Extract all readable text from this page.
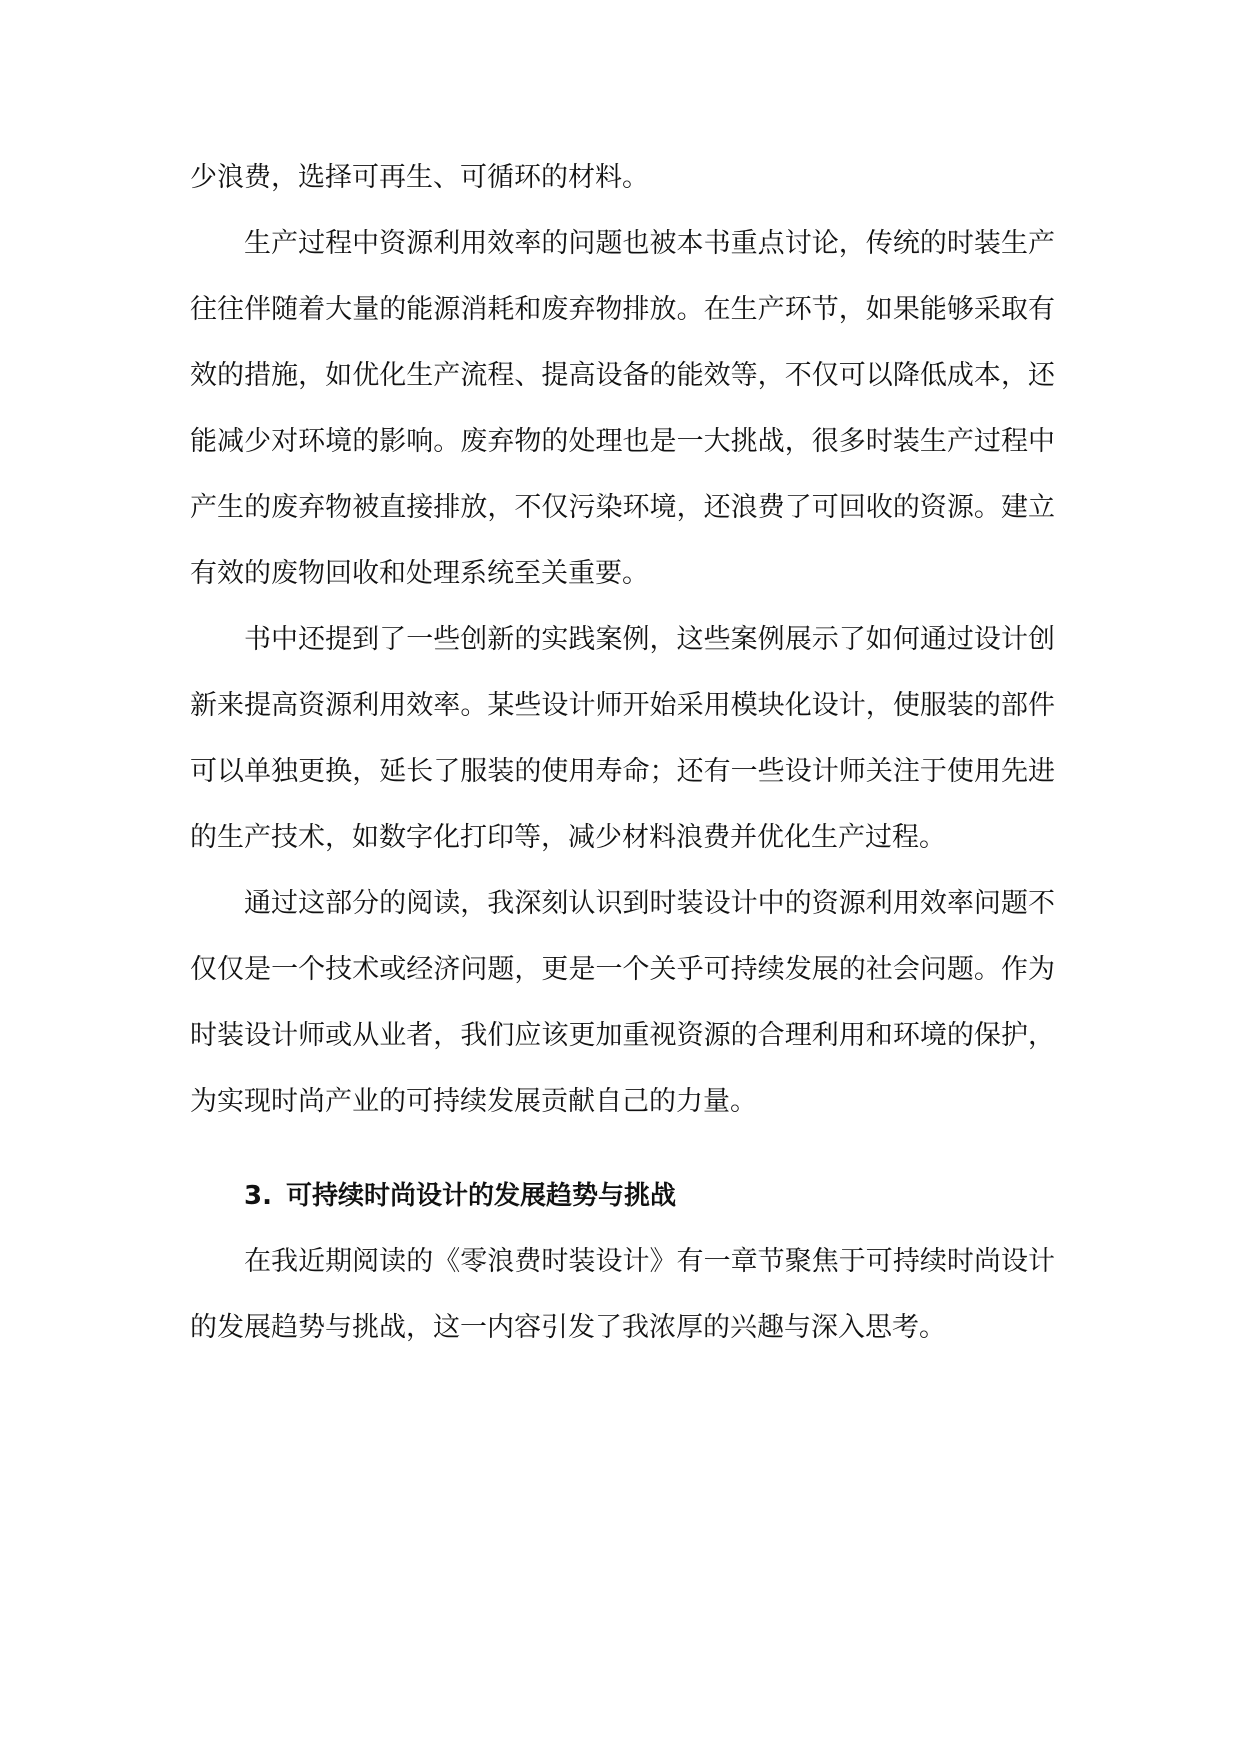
少浪费，选择可再生、可循环的材料。

生产过程中资源利用效率的问题也被本书重点讨论，传统的时装生产往往伴随着大量的能源消耗和废弃物排放。在生产环节，如果能够采取有效的措施，如优化生产流程、提高设备的能效等，不仅可以降低成本，还能减少对环境的影响。废弃物的处理也是一大挑战，很多时装生产过程中产生的废弃物被直接排放，不仅污染环境，还浪费了可回收的资源。建立有效的废物回收和处理系统至关重要。

书中还提到了一些创新的实践案例，这些案例展示了如何通过设计创新来提高资源利用效率。某些设计师开始采用模块化设计，使服装的部件可以单独更换，延长了服装的使用寿命；还有一些设计师关注于使用先进的生产技术，如数字化打印等，减少材料浪费并优化生产过程。

通过这部分的阅读，我深刻认识到时装设计中的资源利用效率问题不仅仅是一个技术或经济问题，更是一个关乎可持续发展的社会问题。作为时装设计师或从业者，我们应该更加重视资源的合理利用和环境的保护，为实现时尚产业的可持续发展贡献自己的力量。

3. 可持续时尚设计的发展趋势与挑战

在我近期阅读的《零浪费时装设计》有一章节聚焦于可持续时尚设计的发展趋势与挑战，这一内容引发了我浓厚的兴趣与深入思考。
